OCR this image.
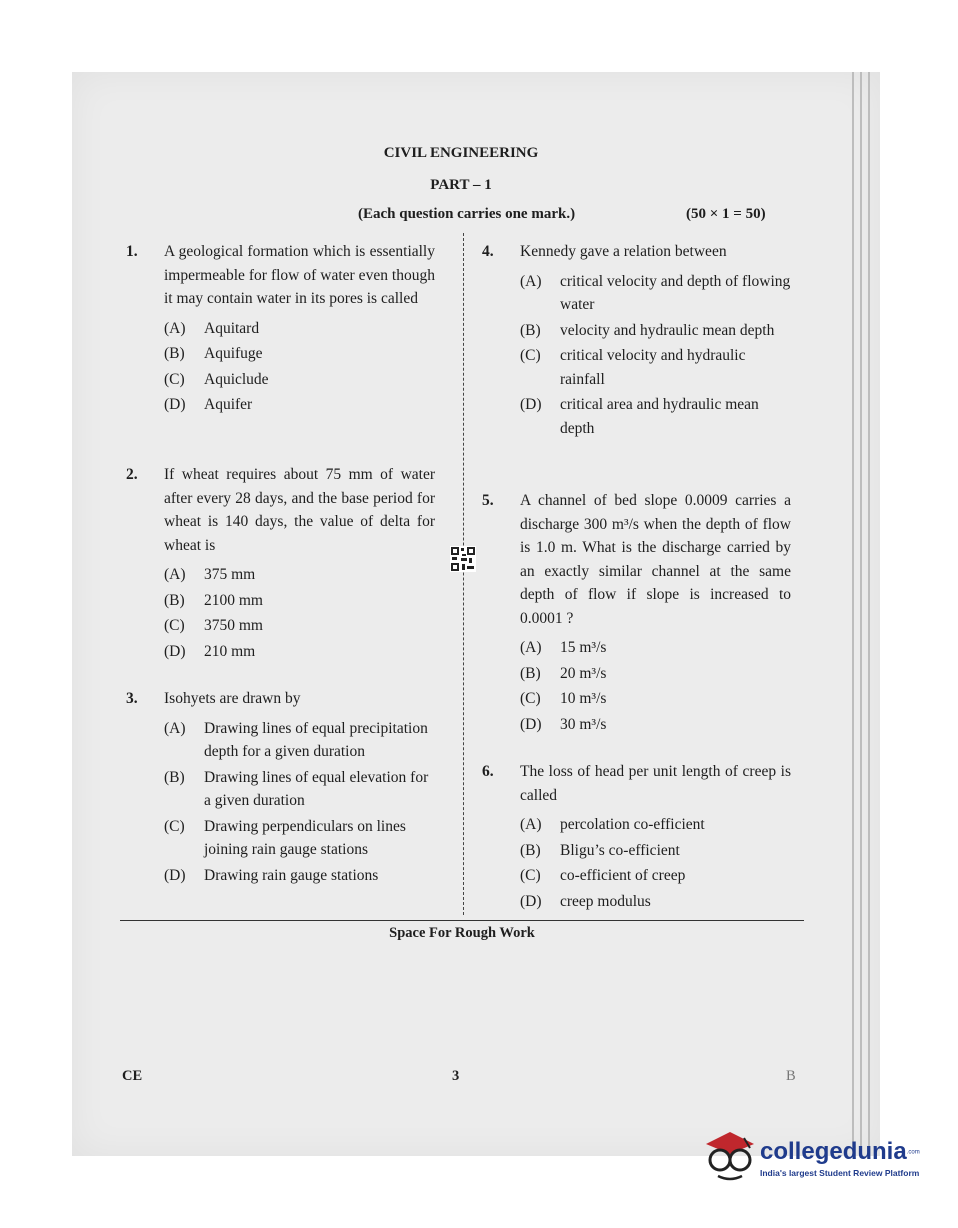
CIVIL ENGINEERING
PART – 1
(Each question carries one mark.)	(50 × 1 = 50)
1. A geological formation which is essentially impermeable for flow of water even though it may contain water in its pores is called
(A) Aquitard
(B) Aquifuge
(C) Aquiclude
(D) Aquifer
2. If wheat requires about 75 mm of water after every 28 days, and the base period for wheat is 140 days, the value of delta for wheat is
(A) 375 mm
(B) 2100 mm
(C) 3750 mm
(D) 210 mm
3. Isohyets are drawn by
(A) Drawing lines of equal precipitation depth for a given duration
(B) Drawing lines of equal elevation for a given duration
(C) Drawing perpendiculars on lines joining rain gauge stations
(D) Drawing rain gauge stations
4. Kennedy gave a relation between
(A) critical velocity and depth of flowing water
(B) velocity and hydraulic mean depth
(C) critical velocity and hydraulic rainfall
(D) critical area and hydraulic mean depth
5. A channel of bed slope 0.0009 carries a discharge 300 m³/s when the depth of flow is 1.0 m. What is the discharge carried by an exactly similar channel at the same depth of flow if slope is increased to 0.0001 ?
(A) 15 m³/s
(B) 20 m³/s
(C) 10 m³/s
(D) 30 m³/s
6. The loss of head per unit length of creep is called
(A) percolation co-efficient
(B) Bligu’s co-efficient
(C) co-efficient of creep
(D) creep modulus
Space For Rough Work
CE	3	B
collegedunia.com
India's largest Student Review Platform
